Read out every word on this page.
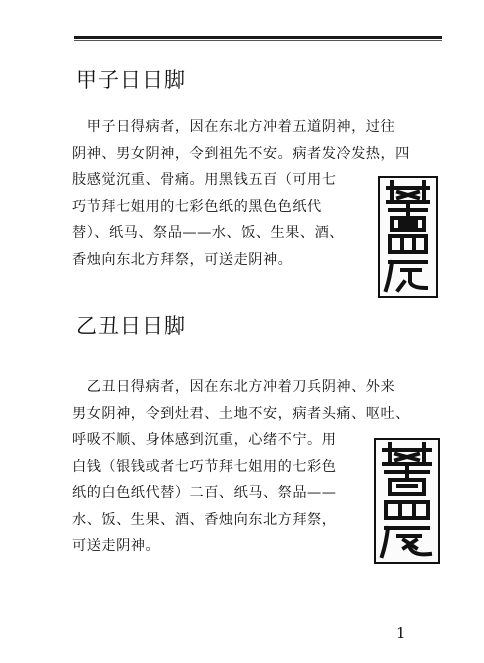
甲子日日脚
　甲子日得病者，因在东北方冲着五道阴神，过往
阴神、男女阴神，令到祖先不安。病者发冷发热，四
肢感觉沉重、骨痛。用黑钱五百（可用七
巧节拜七姐用的七彩色纸的黑色色纸代
替）、纸马、祭品——水、饭、生果、酒、
香烛向东北方拜祭，可送走阴神。
乙丑日日脚
　乙丑日得病者，因在东北方冲着刀兵阴神、外来
男女阴神，令到灶君、土地不安，病者头痛、呕吐、
呼吸不顺、身体感到沉重，心绪不宁。用
白钱（银钱或者七巧节拜七姐用的七彩色
纸的白色纸代替）二百、纸马、祭品——
水、饭、生果、酒、香烛向东北方拜祭，
可送走阴神。
1
